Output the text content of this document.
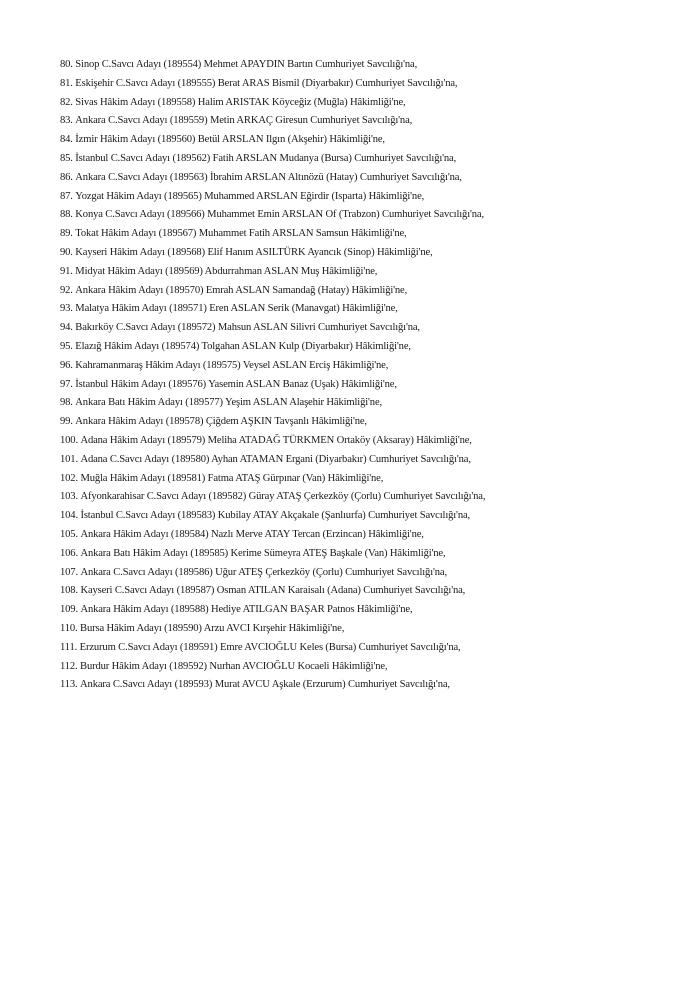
80.
Sinop C.Savcı Adayı (189554) Mehmet APAYDIN Bartın Cumhuriyet Savcılığı'na,
81.
Eskişehir C.Savcı Adayı (189555) Berat ARAS Bismil (Diyarbakır) Cumhuriyet Savcılığı'na,
82.
Sivas Hâkim Adayı (189558) Halim ARISTAK Köyceğiz (Muğla) Hâkimliği'ne,
83.
Ankara C.Savcı Adayı (189559) Metin ARKAÇ Giresun Cumhuriyet Savcılığı'na,
84.
İzmir Hâkim Adayı (189560) Betül ARSLAN Ilgın (Akşehir) Hâkimliği'ne,
85.
İstanbul C.Savcı Adayı (189562) Fatih ARSLAN Mudanya (Bursa) Cumhuriyet Savcılığı'na,
86.
Ankara C.Savcı Adayı (189563) İbrahim ARSLAN Altınözü (Hatay) Cumhuriyet Savcılığı'na,
87.
Yozgat Hâkim Adayı (189565) Muhammed ARSLAN Eğirdir (Isparta) Hâkimliği'ne,
88.
Konya C.Savcı Adayı (189566) Muhammet Emin ARSLAN Of (Trabzon) Cumhuriyet Savcılığı'na,
89.
Tokat Hâkim Adayı (189567) Muhammet Fatih ARSLAN Samsun Hâkimliği'ne,
90.
Kayseri Hâkim Adayı (189568) Elif Hanım ASILTÜRK Ayancık (Sinop) Hâkimliği'ne,
91.
Midyat Hâkim Adayı (189569) Abdurrahman ASLAN Muş Hâkimliği'ne,
92.
Ankara Hâkim Adayı (189570) Emrah ASLAN Samandağ (Hatay) Hâkimliği'ne,
93.
Malatya Hâkim Adayı (189571) Eren ASLAN Serik (Manavgat) Hâkimliği'ne,
94.
Bakırköy C.Savcı Adayı (189572) Mahsun ASLAN Silivri Cumhuriyet Savcılığı'na,
95.
Elazığ Hâkim Adayı (189574) Tolgahan ASLAN Kulp (Diyarbakır) Hâkimliği'ne,
96.
Kahramanmaraş Hâkim Adayı (189575) Veysel ASLAN Erciş Hâkimliği'ne,
97.
İstanbul Hâkim Adayı (189576) Yasemin ASLAN Banaz (Uşak) Hâkimliği'ne,
98.
Ankara Batı Hâkim Adayı (189577) Yeşim ASLAN Alaşehir Hâkimliği'ne,
99.
Ankara Hâkim Adayı (189578) Çiğdem AŞKIN Tavşanlı Hâkimliği'ne,
100.
Adana Hâkim Adayı (189579) Meliha ATADAĞ TÜRKMEN Ortaköy (Aksaray) Hâkimliği'ne,
101.
Adana C.Savcı Adayı (189580) Ayhan ATAMAN Ergani (Diyarbakır) Cumhuriyet Savcılığı'na,
102.
Muğla Hâkim Adayı (189581) Fatma ATAŞ Gürpınar (Van) Hâkimliği'ne,
103.
Afyonkarahisar C.Savcı Adayı (189582) Güray ATAŞ Çerkezköy (Çorlu) Cumhuriyet Savcılığı'na,
104.
İstanbul C.Savcı Adayı (189583) Kubilay ATAY Akçakale (Şanlıurfa) Cumhuriyet Savcılığı'na,
105.
Ankara Hâkim Adayı (189584) Nazlı Merve ATAY Tercan (Erzincan) Hâkimliği'ne,
106.
Ankara Batı Hâkim Adayı (189585) Kerime Sümeyra ATEŞ Başkale (Van) Hâkimliği'ne,
107.
Ankara C.Savcı Adayı (189586) Uğur ATEŞ Çerkezköy (Çorlu) Cumhuriyet Savcılığı'na,
108.
Kayseri C.Savcı Adayı (189587) Osman ATILAN Karaisalı (Adana) Cumhuriyet Savcılığı'na,
109.
Ankara Hâkim Adayı (189588) Hediye ATILGAN BAŞAR Patnos Hâkimliği'ne,
110.
Bursa Hâkim Adayı (189590) Arzu AVCI Kırşehir Hâkimliği'ne,
111.
Erzurum C.Savcı Adayı (189591) Emre AVCIOĞLU Keles (Bursa) Cumhuriyet Savcılığı'na,
112.
Burdur Hâkim Adayı (189592) Nurhan AVCIOĞLU Kocaeli Hâkimliği'ne,
113.
Ankara C.Savcı Adayı (189593) Murat AVCU Aşkale (Erzurum) Cumhuriyet Savcılığı'na,
